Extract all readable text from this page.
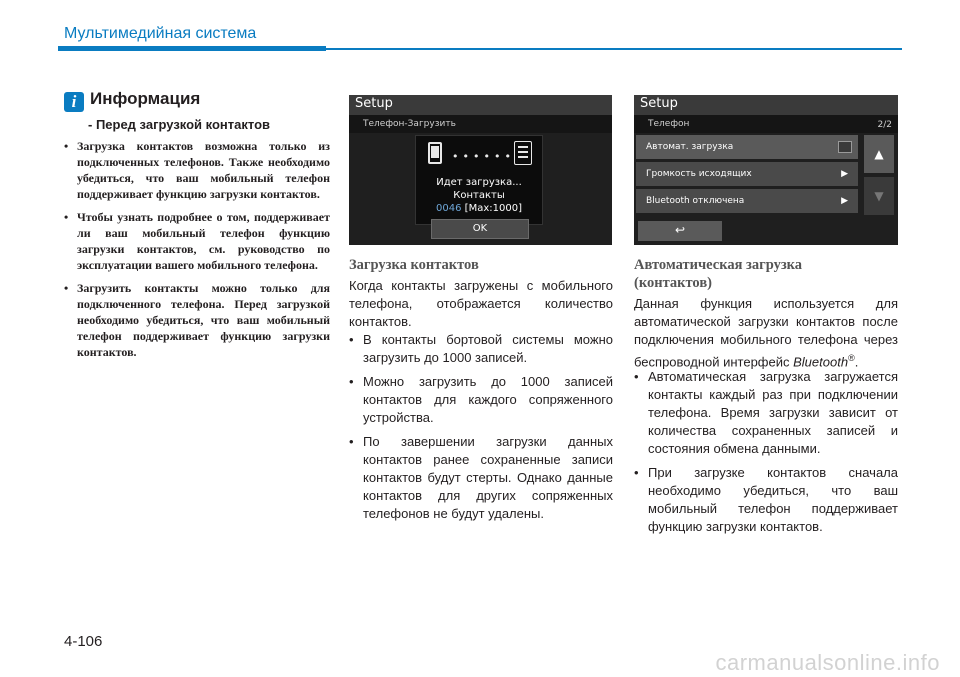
Мультимедийная система
i Информация
- Перед загрузкой контактов
• Загрузка контактов возможна только из подключенных телефонов. Также необходимо убедиться, что ваш мобильный телефон поддерживает функцию загрузки контактов.
• Чтобы узнать подробнее о том, поддерживает ли ваш мобильный телефон функцию загрузки контактов, см. руководство по эксплуатации вашего мобильного телефона.
• Загрузить контакты можно только для подключенного телефона. Перед загрузкой необходимо убедиться, что ваш мобильный телефон поддерживает функцию загрузки контактов.
Setup
Телефон-Загрузить
••••••
Идет загрузка...
Контакты
0046 [Max:1000]
OK
Setup
Телефон	2/2
Автомат. загрузка
Громкость исходящих	▶
Bluetooth отключена	▶
▲
▼
↩
Загрузка контактов
Когда контакты загружены с мобильного телефона, отображается количество контактов.
• В контакты бортовой системы можно загрузить до 1000 записей.
• Можно загрузить до 1000 записей контактов для каждого сопряженного устройства.
• По завершении загрузки данных контактов ранее сохраненные записи контактов будут стерты. Однако данные контактов для других сопряженных телефонов не будут удалены.
Автоматическая загрузка
(контактов)
Данная функция используется для автоматической загрузки контактов после подключения мобильного телефона через беспроводной интерфейс Bluetooth®.
• Автоматическая загрузка загружается контакты каждый раз при подключении телефона. Время загрузки зависит от количества сохраненных записей и состояния обмена данными.
• При загрузке контактов сначала необходимо убедиться, что ваш мобильный телефон поддерживает функцию загрузки контактов.
4-106
carmanualsonline.info
